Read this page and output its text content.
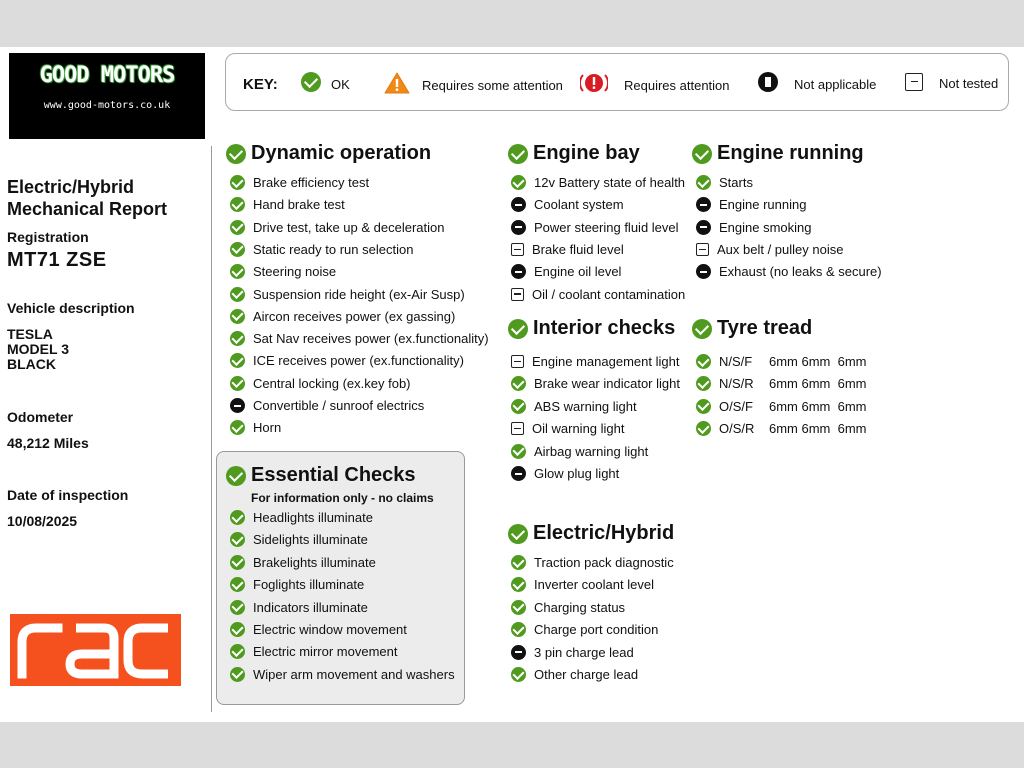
GOOD MOTORS
www.good-motors.co.uk
KEY:	OK	Requires some attention	Requires attention	Not applicable	Not tested
Electric/Hybrid
Mechanical Report
Registration
MT71 ZSE
Vehicle description
TESLA
MODEL 3
BLACK
Odometer
48,212 Miles
Date of inspection
10/08/2025
Dynamic operation	Engine bay	Engine running
Interior checks Tyre tread
Essential Checks
For information only - no claims
Electric/Hybrid
Brake efficiency test
Hand brake test
Drive test, take up & deceleration
Static ready to run selection
Steering noise
Suspension ride height (ex-Air Susp)
Aircon receives power (ex gassing)
Sat Nav receives power (ex.functionality)
ICE receives power (ex.functionality)
Central locking (ex.key fob)
Convertible / sunroof electrics
Horn
Headlights illuminate
Sidelights illuminate
Brakelights illuminate
Foglights illuminate
Indicators illuminate
Electric window movement
Electric mirror movement
Wiper arm movement and washers
12v Battery state of health
Coolant system
Power steering fluid level
Brake fluid level
Engine oil level
Oil / coolant contamination
Engine management light
Brake wear indicator light
ABS warning light
Oil warning light
Airbag warning light
Glow plug light
Traction pack diagnostic
Inverter coolant level
Charging status
Charge port condition
3 pin charge lead
Other charge lead
Starts
Engine running
Engine smoking
Aux belt / pulley noise
Exhaust (no leaks & secure)
N/S/F 6mm 6mm  6mm
N/S/R 6mm 6mm  6mm
O/S/F 6mm 6mm  6mm
O/S/R 6mm 6mm  6mm
